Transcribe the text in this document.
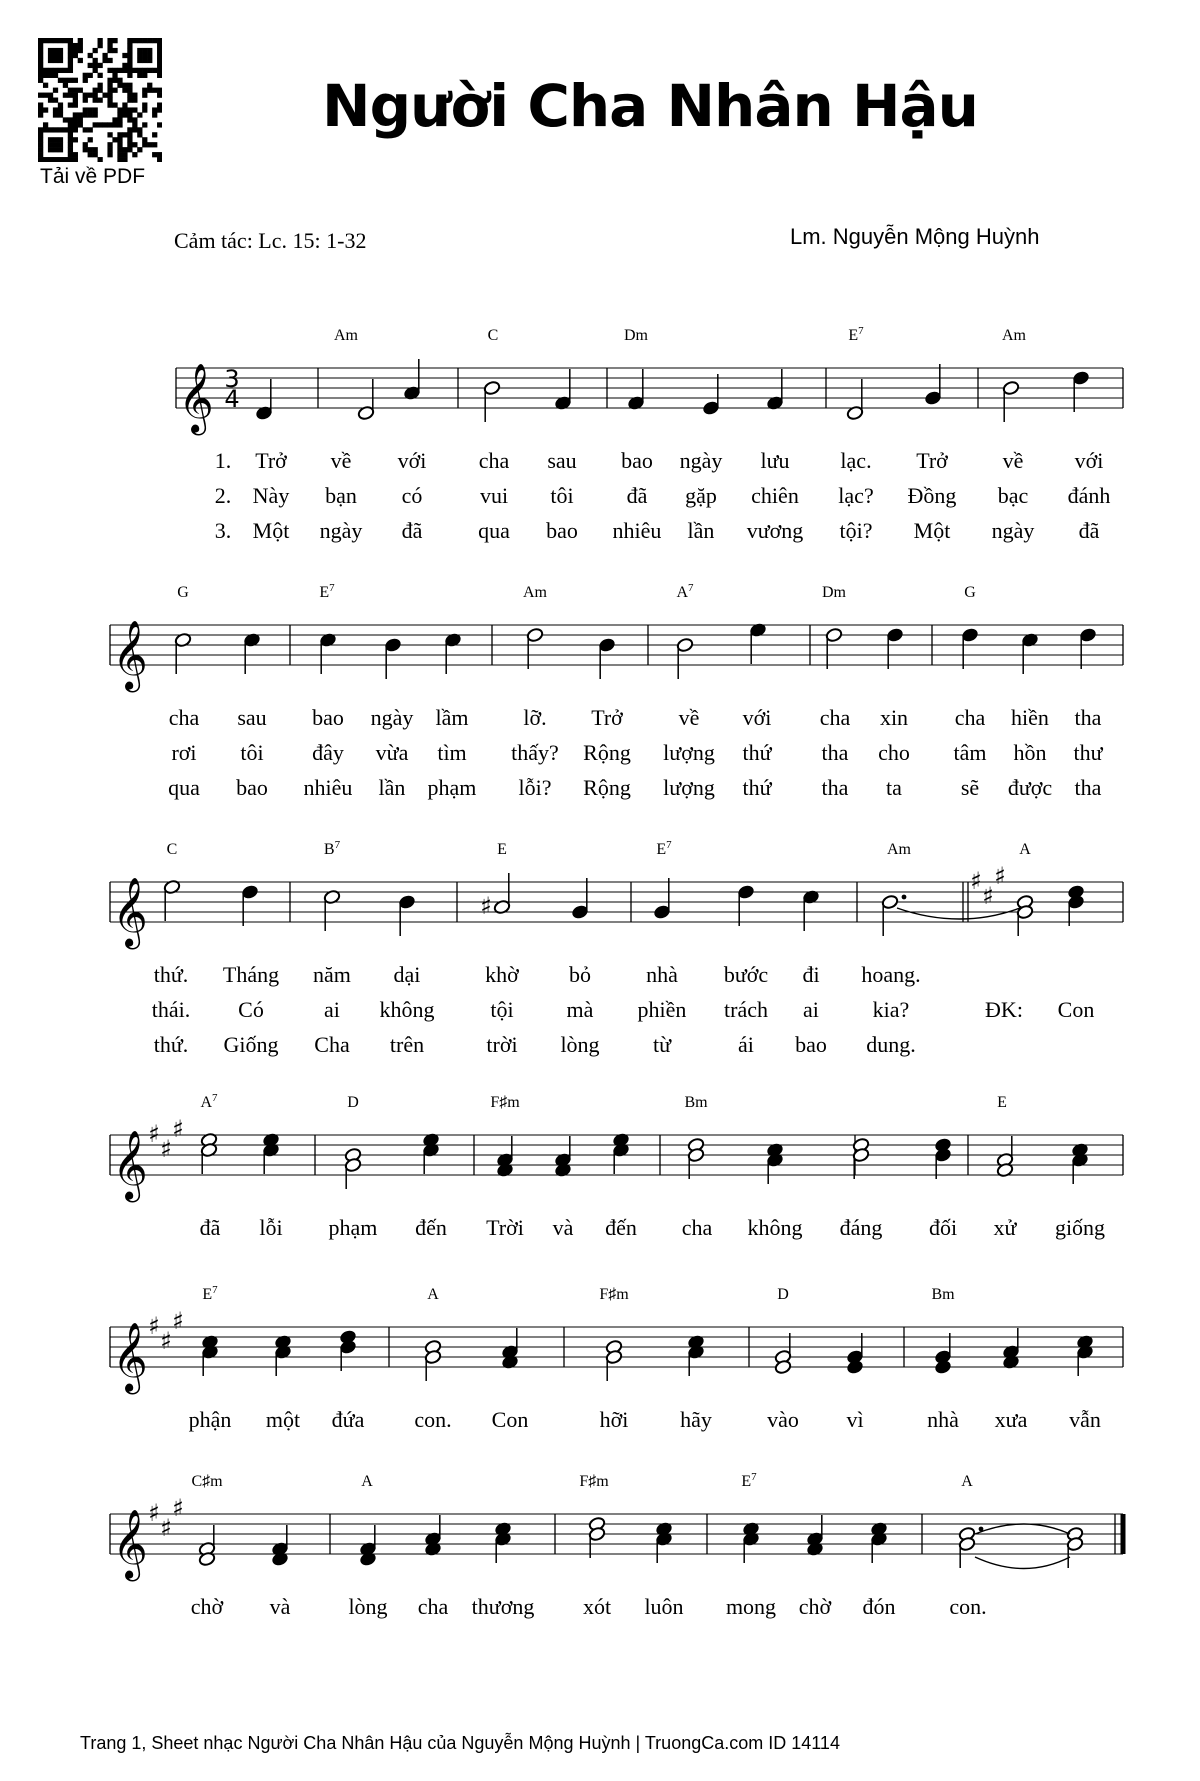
Tải về PDF
Người Cha Nhân Hậu
Cảm tác: Lc. 15: 1-32	Lm. Nguyễn Mộng Huỳnh
𝄞 3
4
Am	C	Dm	$E^7$	Am
1. Trở về với cha sau bao ngày lưu lạc. Trở về với
2. Này bạn có	vui tôi đã gặp chiên lạc? Đồng bạc đánh
3. Một ngày đã	qua bao nhiêu lần vương tội? Một ngày đã
𝄞
G	$E^7$	Am	$A^7$	Dm	G
cha sau bao ngày lầm lỡ. Trở	về với cha xin cha hiền tha
rơi tôi đây vừa tìm thấy? Rộng lượng thứ tha cho tâm hồn thư
qua bao nhiêu lần phạm lỗi? Rộng lượng thứ tha ta	sẽ được tha
𝄞	♯
♯
♯
♯
C	$B^7$	E	$E^7$	Am	A
thứ. Tháng năm dại	khờ bỏ	nhà bước đi hoang.
thái. Có	ai không	tội mà phiền trách ai kia?	ĐK: Con
thứ. Giống Cha trên	trời lòng từ	ái bao dung.
𝄞 ♯
♯
♯
$A^7$	D	F♯m	Bm	E
đã lỗi phạm đến Trời và đến cha không đáng đối xử giống
𝄞 ♯
♯
♯
$E^7$	A	F♯m	D	Bm
phận một đứa con. Con	hỡi hãy	vào vì	nhà xưa vẫn
𝄞 ♯
♯
♯
C♯m	A	F♯m	$E^7$	A
chờ và	lòng cha thương xót luôn mong chờ đón con.
Trang 1, Sheet nhạc Người Cha Nhân Hậu của Nguyễn Mộng Huỳnh | TruongCa.com ID 14114
